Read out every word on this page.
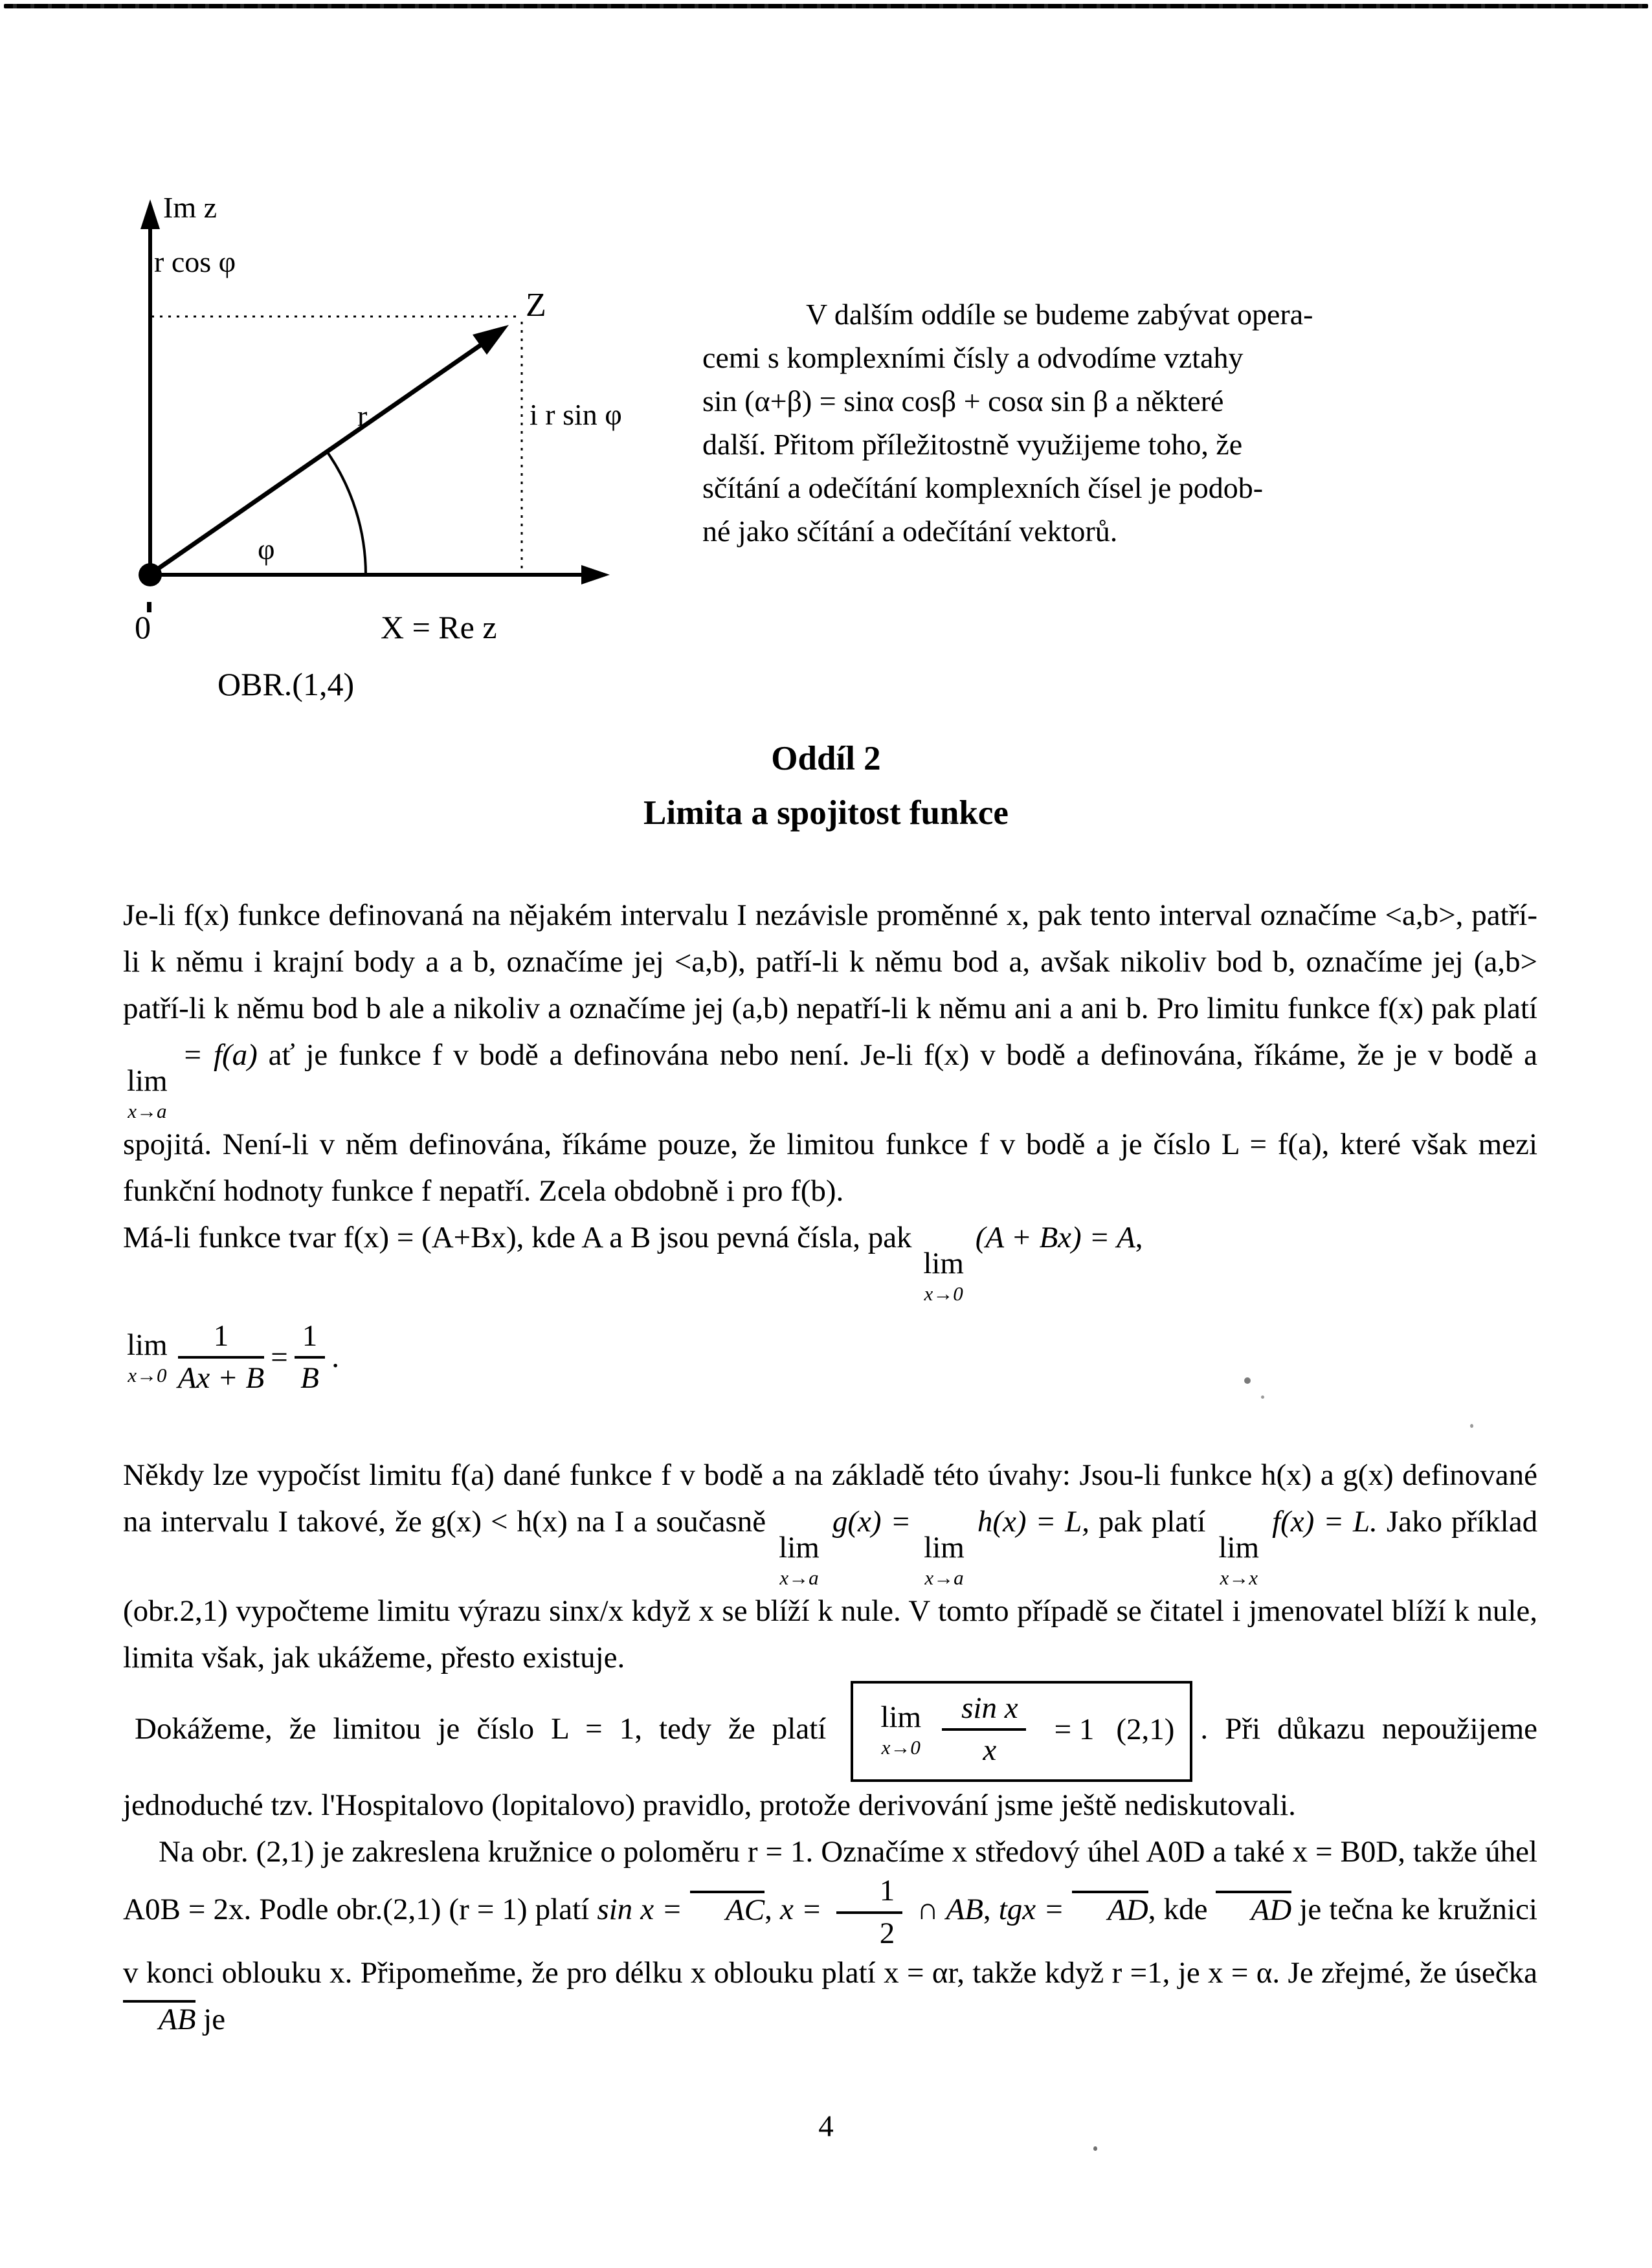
Im z
r cos φ
Z
r	i r sin φ
φ
0	X = Re z
OBR.(1,4)
V dalším oddíle se budeme zabývat opera-
cemi s komplexními čísly a odvodíme vztahy
sin (α+β) = sinα cosβ + cosα sin β a některé
další. Přitom příležitostně využijeme toho, že
sčítání a odečítání komplexních čísel je podob-
né jako sčítání a odečítání vektorů.
Oddíl 2
Limita a spojitost funkce

Je-li f(x) funkce definovaná na nějakém intervalu I nezávisle proměnné x, pak tento interval označíme <a,b>, patří-li k němu i krajní body a a b, označíme jej <a,b), patří-li k němu bod a, avšak nikoliv bod b, označíme jej (a,b> patří-li k němu bod b ale a nikoliv a označíme jej (a,b) nepatří-li k němu ani a ani b. Pro limitu funkce f(x) pak platí
lim
x→a
= f(a) ať je funkce f v bodě a definována nebo není. Je-li f(x) v bodě a definována, říkáme, že je v bodě a spojitá. Není-li v něm definována, říkáme pouze, že limitou funkce f v bodě a je číslo L = f(a), které však mezi funkční hodnoty funkce f nepatří. Zcela obdobně i pro f(b).

Má-li funkce tvar f(x) = (A+Bx), kde A a B jsou pevná čísla, pak
lim
x→0
(A + Bx) = A,

lim
$x\to 0 \frac{1}{Ax + B} = \frac{1}{B}$ .

Někdy lze vypočíst limitu f(a) dané funkce f v bodě a na základě této úvahy: Jsou-li funkce h(x) a g(x) definované na intervalu I takové, že g(x) < h(x) na I a současně
lim
x→a
g(x) =
lim
x→a
h(x) = L, pak platí
lim
x→x
f(x) = L. Jako příklad (obr.2,1) vypočteme limitu výrazu sinx/x když x se blíží k nule. V tomto případě se čitatel i jmenovatel blíží k nule, limita však, jak ukážeme, přesto existuje.

Dokážeme, že limitou je číslo L = 1, tedy že platí	lim
$x\to 0 \frac{\text{sin x}}{x} = 1$ (2,1) . Při důkazu nepoužijeme jednoduché tzv. l'Hospitalovo (lopitalovo) pravidlo, protože derivování jsme ještě nediskutovali.

Na obr. (2,1) je zakreslena kružnice o poloměru r = 1. Označíme x středový úhel A0D a také x = B0D, takže úhel A0B = 2x. Podle obr.(2,1) (r = 1) platí sin x = AC, $x = \frac{1}{2}$ ∩ AB, tgx = AD, kde AD je tečna ke kružnici v konci oblouku x. Připomeňme, že pro délku x oblouku platí x = αr, takže když r =1, je x = α. Je zřejmé, že úsečka AB je

4
